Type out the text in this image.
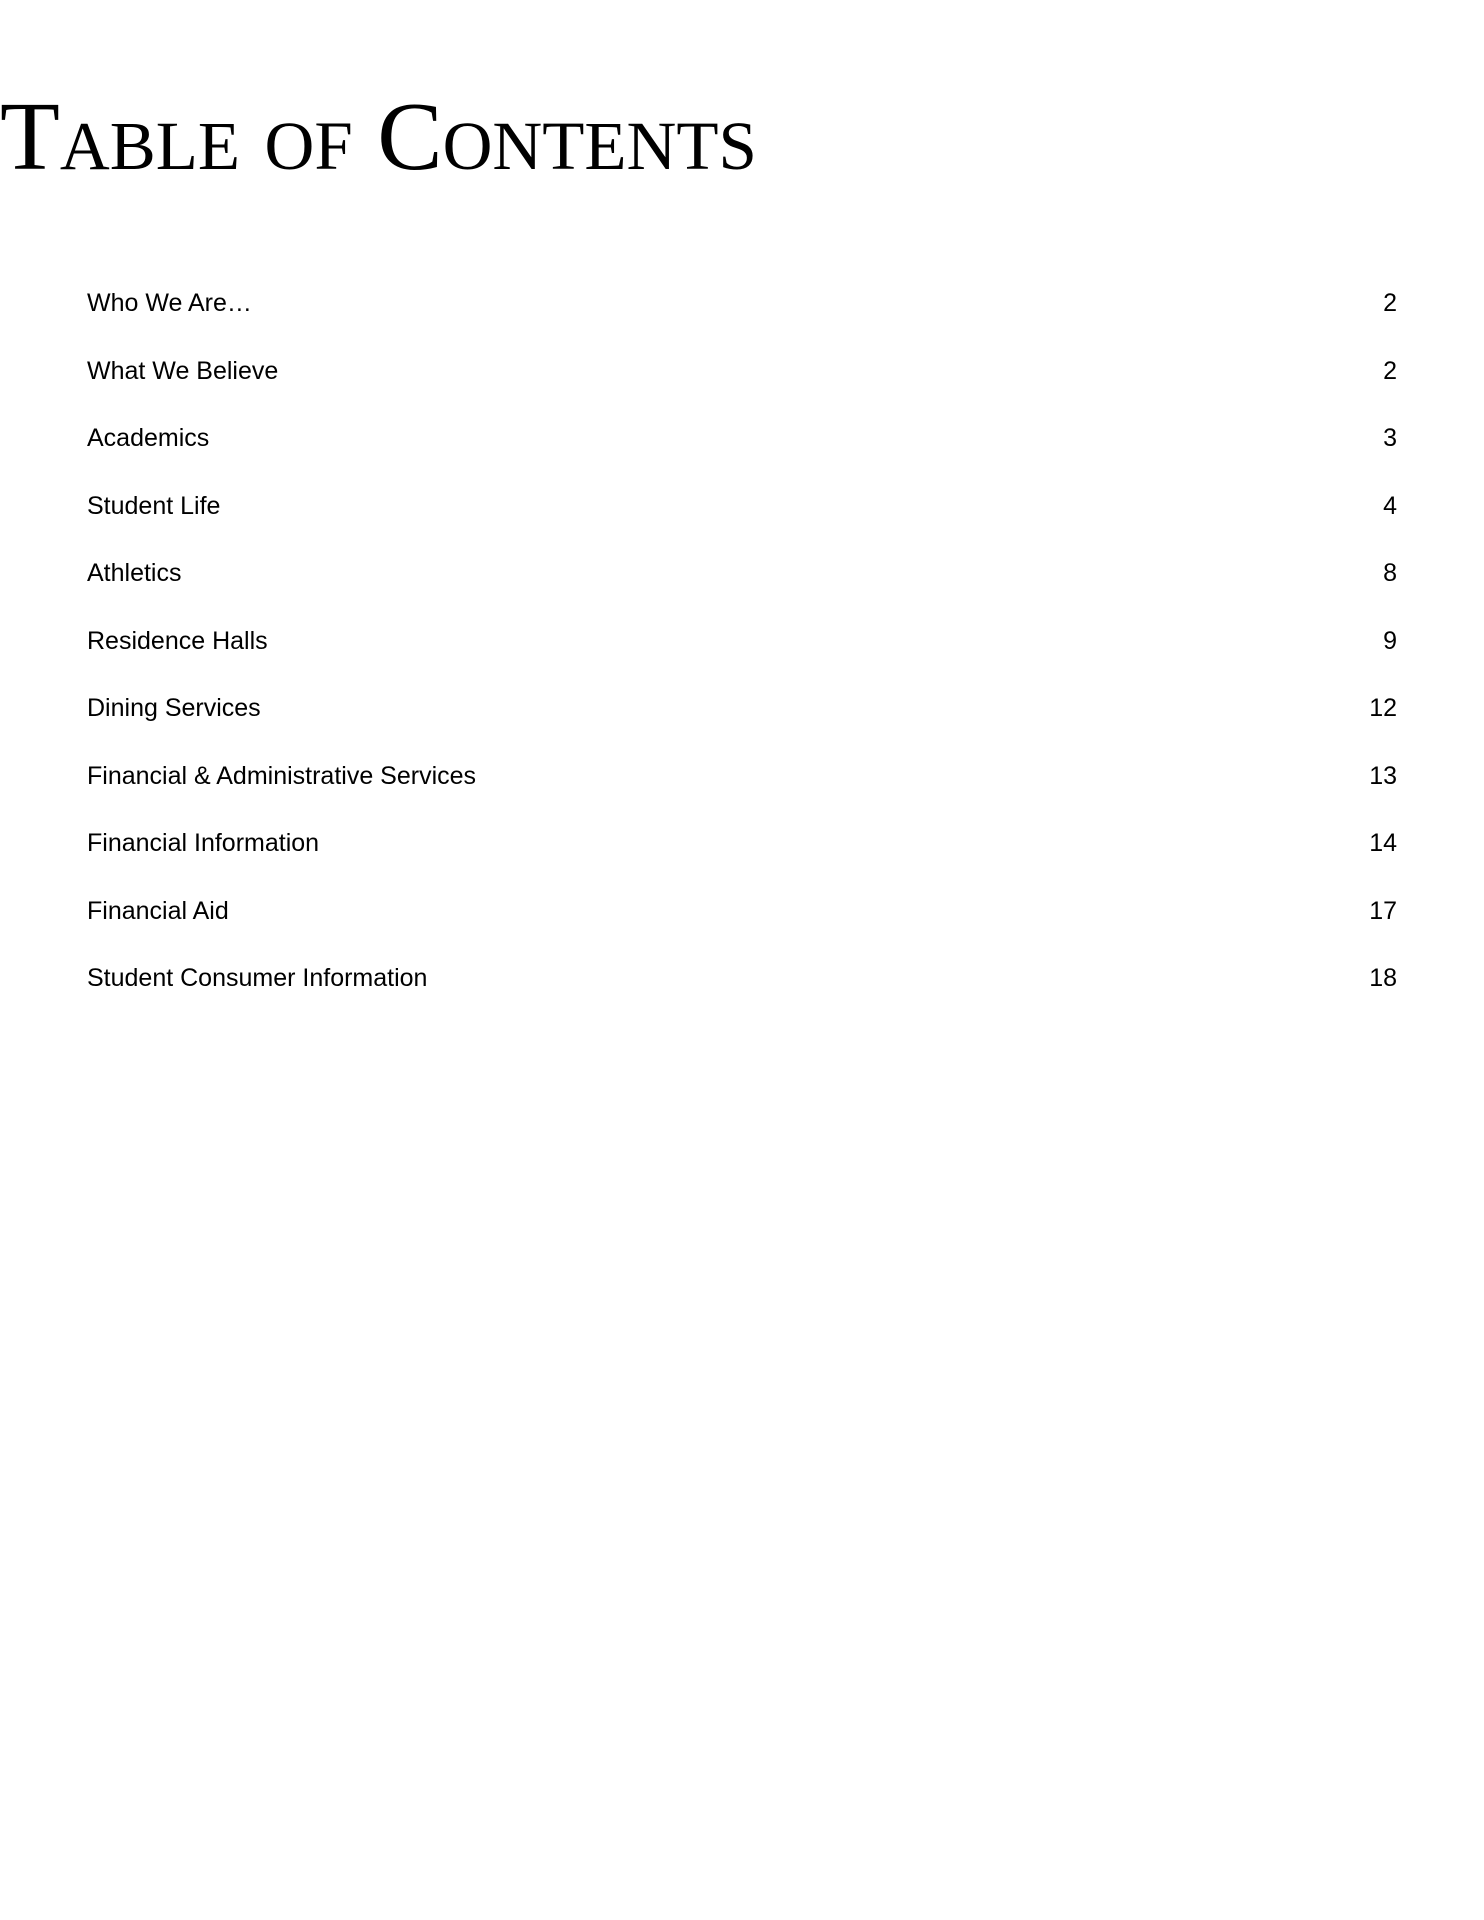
Table of Contents
Who We Are…	2
What We Believe	2
Academics	3
Student Life	4
Athletics	8
Residence Halls	9
Dining Services	12
Financial & Administrative Services	13
Financial Information	14
Financial Aid	17
Student Consumer Information	18
